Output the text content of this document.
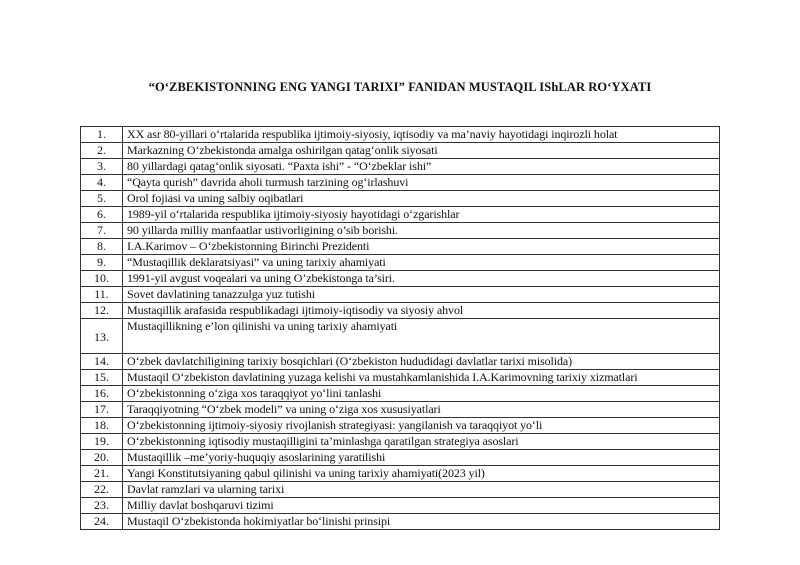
“O‘ZBEKISTONNING ENG YANGI TARIXI” FANIDAN MUSTAQIL IShLAR RO‘YXATI
1.	XX asr 80-yillari o‘rtalarida respublika ijtimoiy-siyosiy, iqtisodiy va ma’naviy hayotidagi inqirozli holat
2.	Markazning O‘zbekistonda amalga oshirilgan qatag‘onlik siyosati
3.	80 yillardagi qatag‘onlik siyosati. “Paxta ishi” - “O‘zbeklar ishi”
4.	“Qayta qurish” davrida aholi turmush tarzining og‘irlashuvi
5.	Orol fojiasi va uning salbiy oqibatlari
6.	1989-yil o‘rtalarida respublika ijtimoiy-siyosiy hayotidagi o‘zgarishlar
7.	90 yillarda milliy manfaatlar ustivorligining o’sib borishi.
8.	I.A.Karimov – O‘zbekistonning Birinchi Prezidenti
9.	“Mustaqillik deklaratsiyasi” va uning tarixiy ahamiyati
10.	1991-yil avgust voqealari va uning O’zbekistonga ta’siri.
11.	Sovet davlatining tanazzulga yuz tutishi
12.	Mustaqillik arafasida respublikadagi ijtimoiy-iqtisodiy va siyosiy ahvol
13.	Mustaqillikning e’lon qilinishi va uning tarixiy ahamiyati
14.	O‘zbek davlatchiligining tarixiy bosqichlari (O‘zbekiston hududidagi davlatlar tarixi misolida)
15.	Mustaqil O‘zbekiston davlatining yuzaga kelishi va mustahkamlanishida I.A.Karimovning tarixiy xizmatlari
16.	O‘zbekistonning o‘ziga xos taraqqiyot yo‘lini tanlashi
17.	Taraqqiyotning “O‘zbek modeli” va uning o‘ziga xos xususiyatlari
18.	O‘zbekistonning ijtimoiy-siyosiy rivojlanish strategiyasi: yangilanish va taraqqiyot yo‘li
19.	O‘zbekistonning iqtisodiy mustaqilligini ta’minlashga qaratilgan strategiya asoslari
20.	Mustaqillik –me’yoriy-huquqiy asoslarining yaratilishi
21.	Yangi Konstitutsiyaning qabul qilinishi va uning tarixiy ahamiyati(2023 yil)
22.	Davlat ramzlari va ularning tarixi
23.	Milliy davlat boshqaruvi tizimi
24.	Mustaqil O‘zbekistonda hokimiyatlar bo‘linishi prinsipi
